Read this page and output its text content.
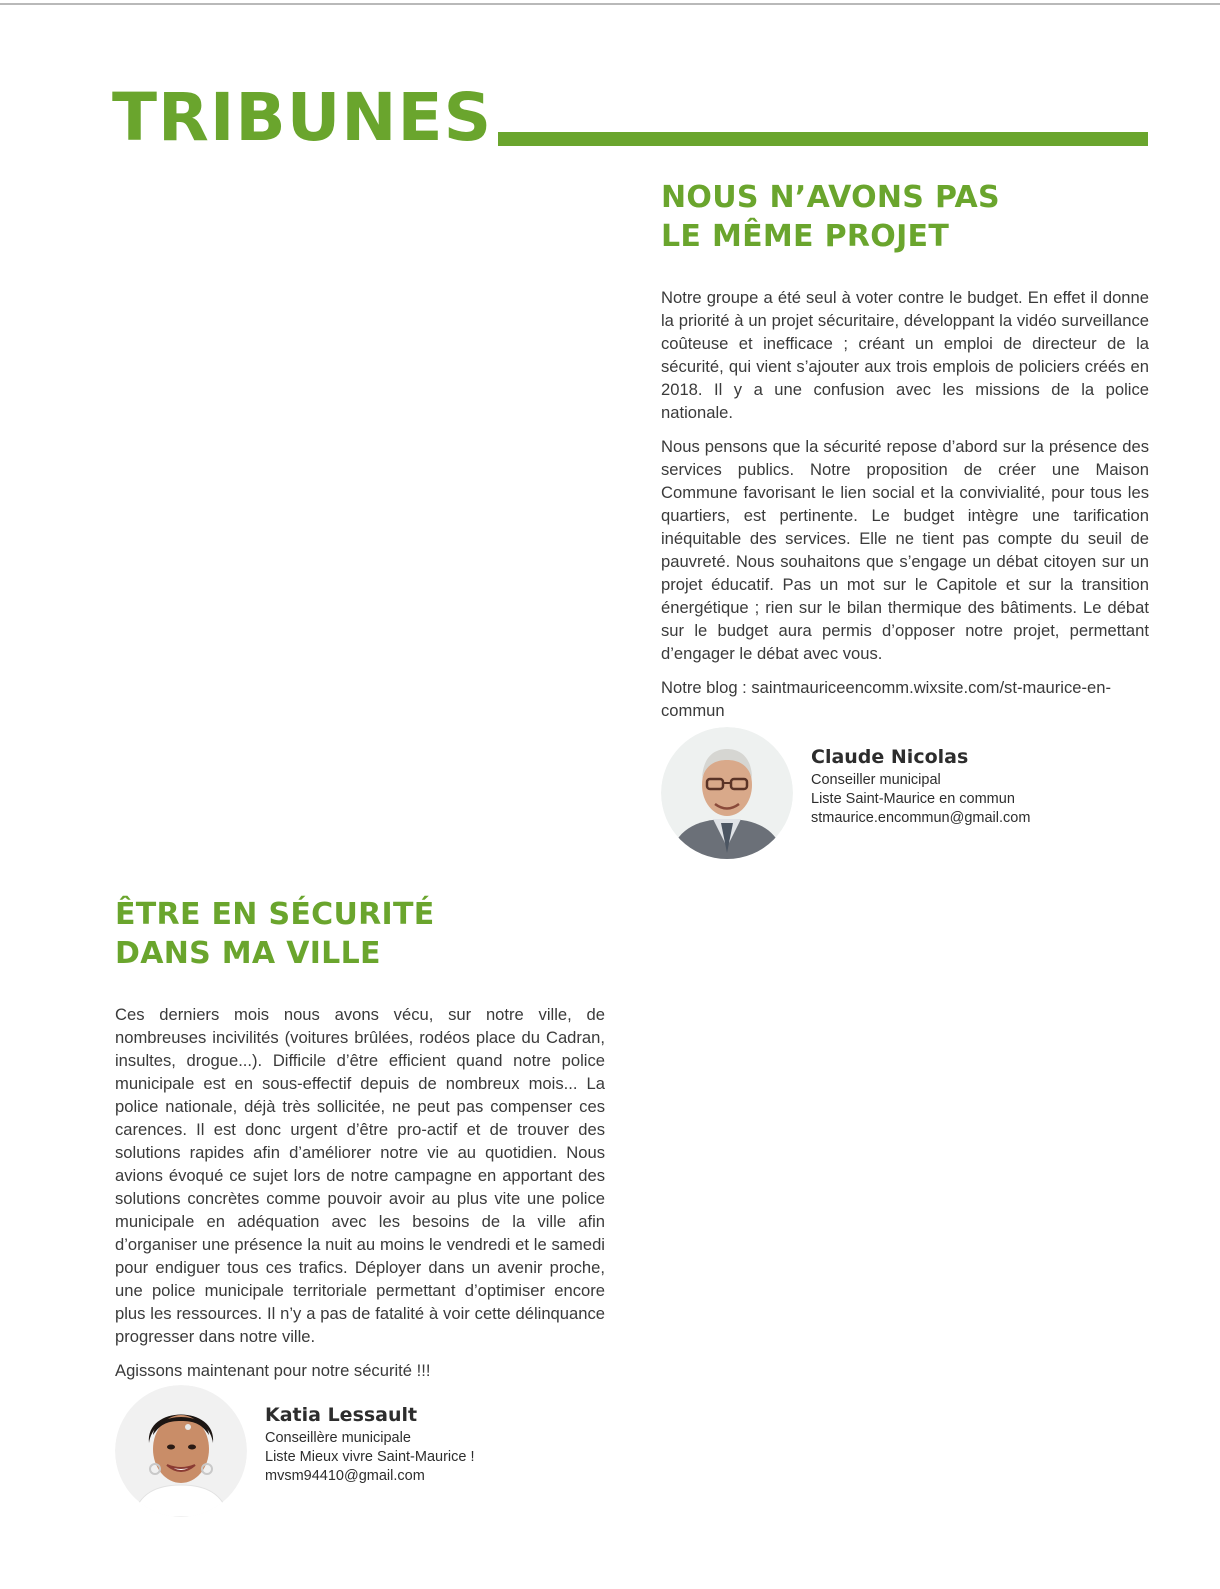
TRIBUNES
NOUS N’AVONS PAS
LE MÊME PROJET

Notre groupe a été seul à voter contre le budget. En effet il donne la priorité à un projet sécuritaire, développant la vidéo surveillance coûteuse et inefficace ; créant un emploi de directeur de la sécurité, qui vient s’ajouter aux trois emplois de policiers créés en 2018. Il y a une confusion avec les missions de la police nationale.

Nous pensons que la sécurité repose d’abord sur la présence des services publics. Notre proposition de créer une Maison Commune favorisant le lien social et la convivialité, pour tous les quartiers, est pertinente. Le budget intègre une tarification inéquitable des services. Elle ne tient pas compte du seuil de pauvreté. Nous souhaitons que s’engage un débat citoyen sur un projet éducatif. Pas un mot sur le Capitole et sur la transition énergétique ; rien sur le bilan thermique des bâtiments. Le débat sur le budget aura permis d’opposer notre projet, permettant d’engager le débat avec vous.

Notre blog : saintmauriceencomm.wixsite.com/st-maurice-en-commun

Claude Nicolas

Conseiller municipal

Liste Saint-Maurice en commun

stmaurice.encommun@gmail.com

ÊTRE EN SÉCURITÉ
DANS MA VILLE

Ces derniers mois nous avons vécu, sur notre ville, de nombreuses incivilités (voitures brûlées, rodéos place du Cadran, insultes, drogue...). Difficile d’être efficient quand notre police municipale est en sous-effectif depuis de nombreux mois... La police nationale, déjà très sollicitée, ne peut pas compenser ces carences. Il est donc urgent d’être pro-actif et de trouver des solutions rapides afin d’améliorer notre vie au quotidien. Nous avions évoqué ce sujet lors de notre campagne en apportant des solutions concrètes comme pouvoir avoir au plus vite une police municipale en adéquation avec les besoins de la ville afin d’organiser une présence la nuit au moins le vendredi et le samedi pour endiguer tous ces trafics. Déployer dans un avenir proche, une police municipale territoriale permettant d’optimiser encore plus les ressources. Il n’y a pas de fatalité à voir cette délinquance progresser dans notre ville.

Agissons maintenant pour notre sécurité !!!

Katia Lessault

Conseillère municipale

Liste Mieux vivre Saint-Maurice !

mvsm94410@gmail.com
